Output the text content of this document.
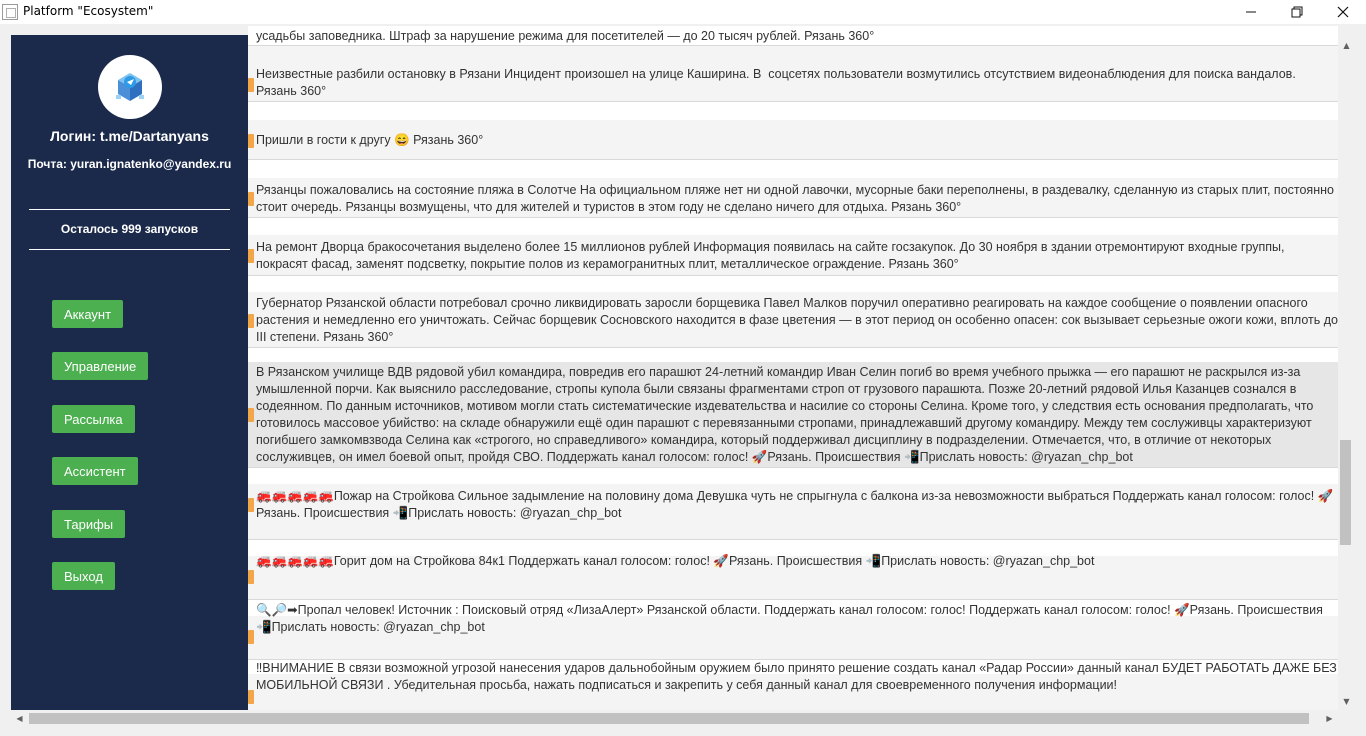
Platform "Ecosystem"
Логин: t.me/Dartanyans
Почта: yuran.ignatenko@yandex.ru
Осталось 999 запусков
Аккаунт
Управление
Рассылка
Ассистент
Тарифы
Выход
усадьбы заповедника. Штраф за нарушение режима для посетителей — до 20 тысяч рублей. Рязань 360°
Неизвестные разбили остановку в Рязани Инцидент произошел на улице Каширина. В  соцсетях пользователи возмутились отсутствием видеонаблюдения для поиска вандалов. Рязань 360°
Пришли в гости к другу 😄 Рязань 360°
Рязанцы пожаловались на состояние пляжа в Солотче На официальном пляже нет ни одной лавочки, мусорные баки переполнены, в раздевалку, сделанную из старых плит, постоянно стоит очередь. Рязанцы возмущены, что для жителей и туристов в этом году не сделано ничего для отдыха. Рязань 360°
На ремонт Дворца бракосочетания выделено более 15 миллионов рублей Информация появилась на сайте госзакупок. До 30 ноября в здании отремонтируют входные группы, покрасят фасад, заменят подсветку, покрытие полов из керамогранитных плит, металлическое ограждение. Рязань 360°
Губернатор Рязанской области потребовал срочно ликвидировать заросли борщевика Павел Малков поручил оперативно реагировать на каждое сообщение о появлении опасного растения и немедленно его уничтожать. Сейчас борщевик Сосновского находится в фазе цветения — в этот период он особенно опасен: сок вызывает серьезные ожоги кожи, вплоть до III степени. Рязань 360°
В Рязанском училище ВДВ рядовой убил командира, повредив его парашют 24-летний командир Иван Селин погиб во время учебного прыжка — его парашют не раскрылся из-за умышленной порчи. Как выяснило расследование, стропы купола были связаны фрагментами строп от грузового парашюта. Позже 20-летний рядовой Илья Казанцев сознался в содеянном. По данным источников, мотивом могли стать систематические издевательства и насилие со стороны Селина. Кроме того, у следствия есть основания предполагать, что готовилось массовое убийство: на складе обнаружили ещё один парашют с перевязанными стропами, принадлежавший другому командиру. Между тем сослуживцы характеризуют погибшего замкомвзвода Селина как «строгого, но справедливого» командира, который поддерживал дисциплину в подразделении. Отмечается, что, в отличие от некоторых сослуживцев, он имел боевой опыт, пройдя СВО. Поддержать канал голосом: голос! 🚀Рязань. Происшествия 📲Прислать новость: @ryazan_chp_bot
🚒🚒🚒🚒🚒Пожар на Стройкова Сильное задымление на половину дома Девушка чуть не спрыгнула с балкона из-за невозможности выбраться Поддержать канал голосом: голос! 🚀Рязань. Происшествия 📲Прислать новость: @ryazan_chp_bot
🚒🚒🚒🚒🚒Горит дом на Стройкова 84к1 Поддержать канал голосом: голос! 🚀Рязань. Происшествия 📲Прислать новость: @ryazan_chp_bot
🔍🔎➡Пропал человек! Источник : Поисковый отряд «ЛизаАлерт» Рязанской области. Поддержать канал голосом: голос! Поддержать канал голосом: голос! 🚀Рязань. Происшествия 📲Прислать новость: @ryazan_chp_bot
‼ВНИМАНИЕ В связи возможной угрозой нанесения ударов дальнобойным оружием было принято решение создать канал «Радар России» данный канал БУДЕТ РАБОТАТЬ ДАЖЕ БЕЗ МОБИЛЬНОЙ СВЯЗИ . Убедительная просьба, нажать подписаться и закрепить у себя данный канал для своевременного получения информации!
▲
▼
◀	▶
